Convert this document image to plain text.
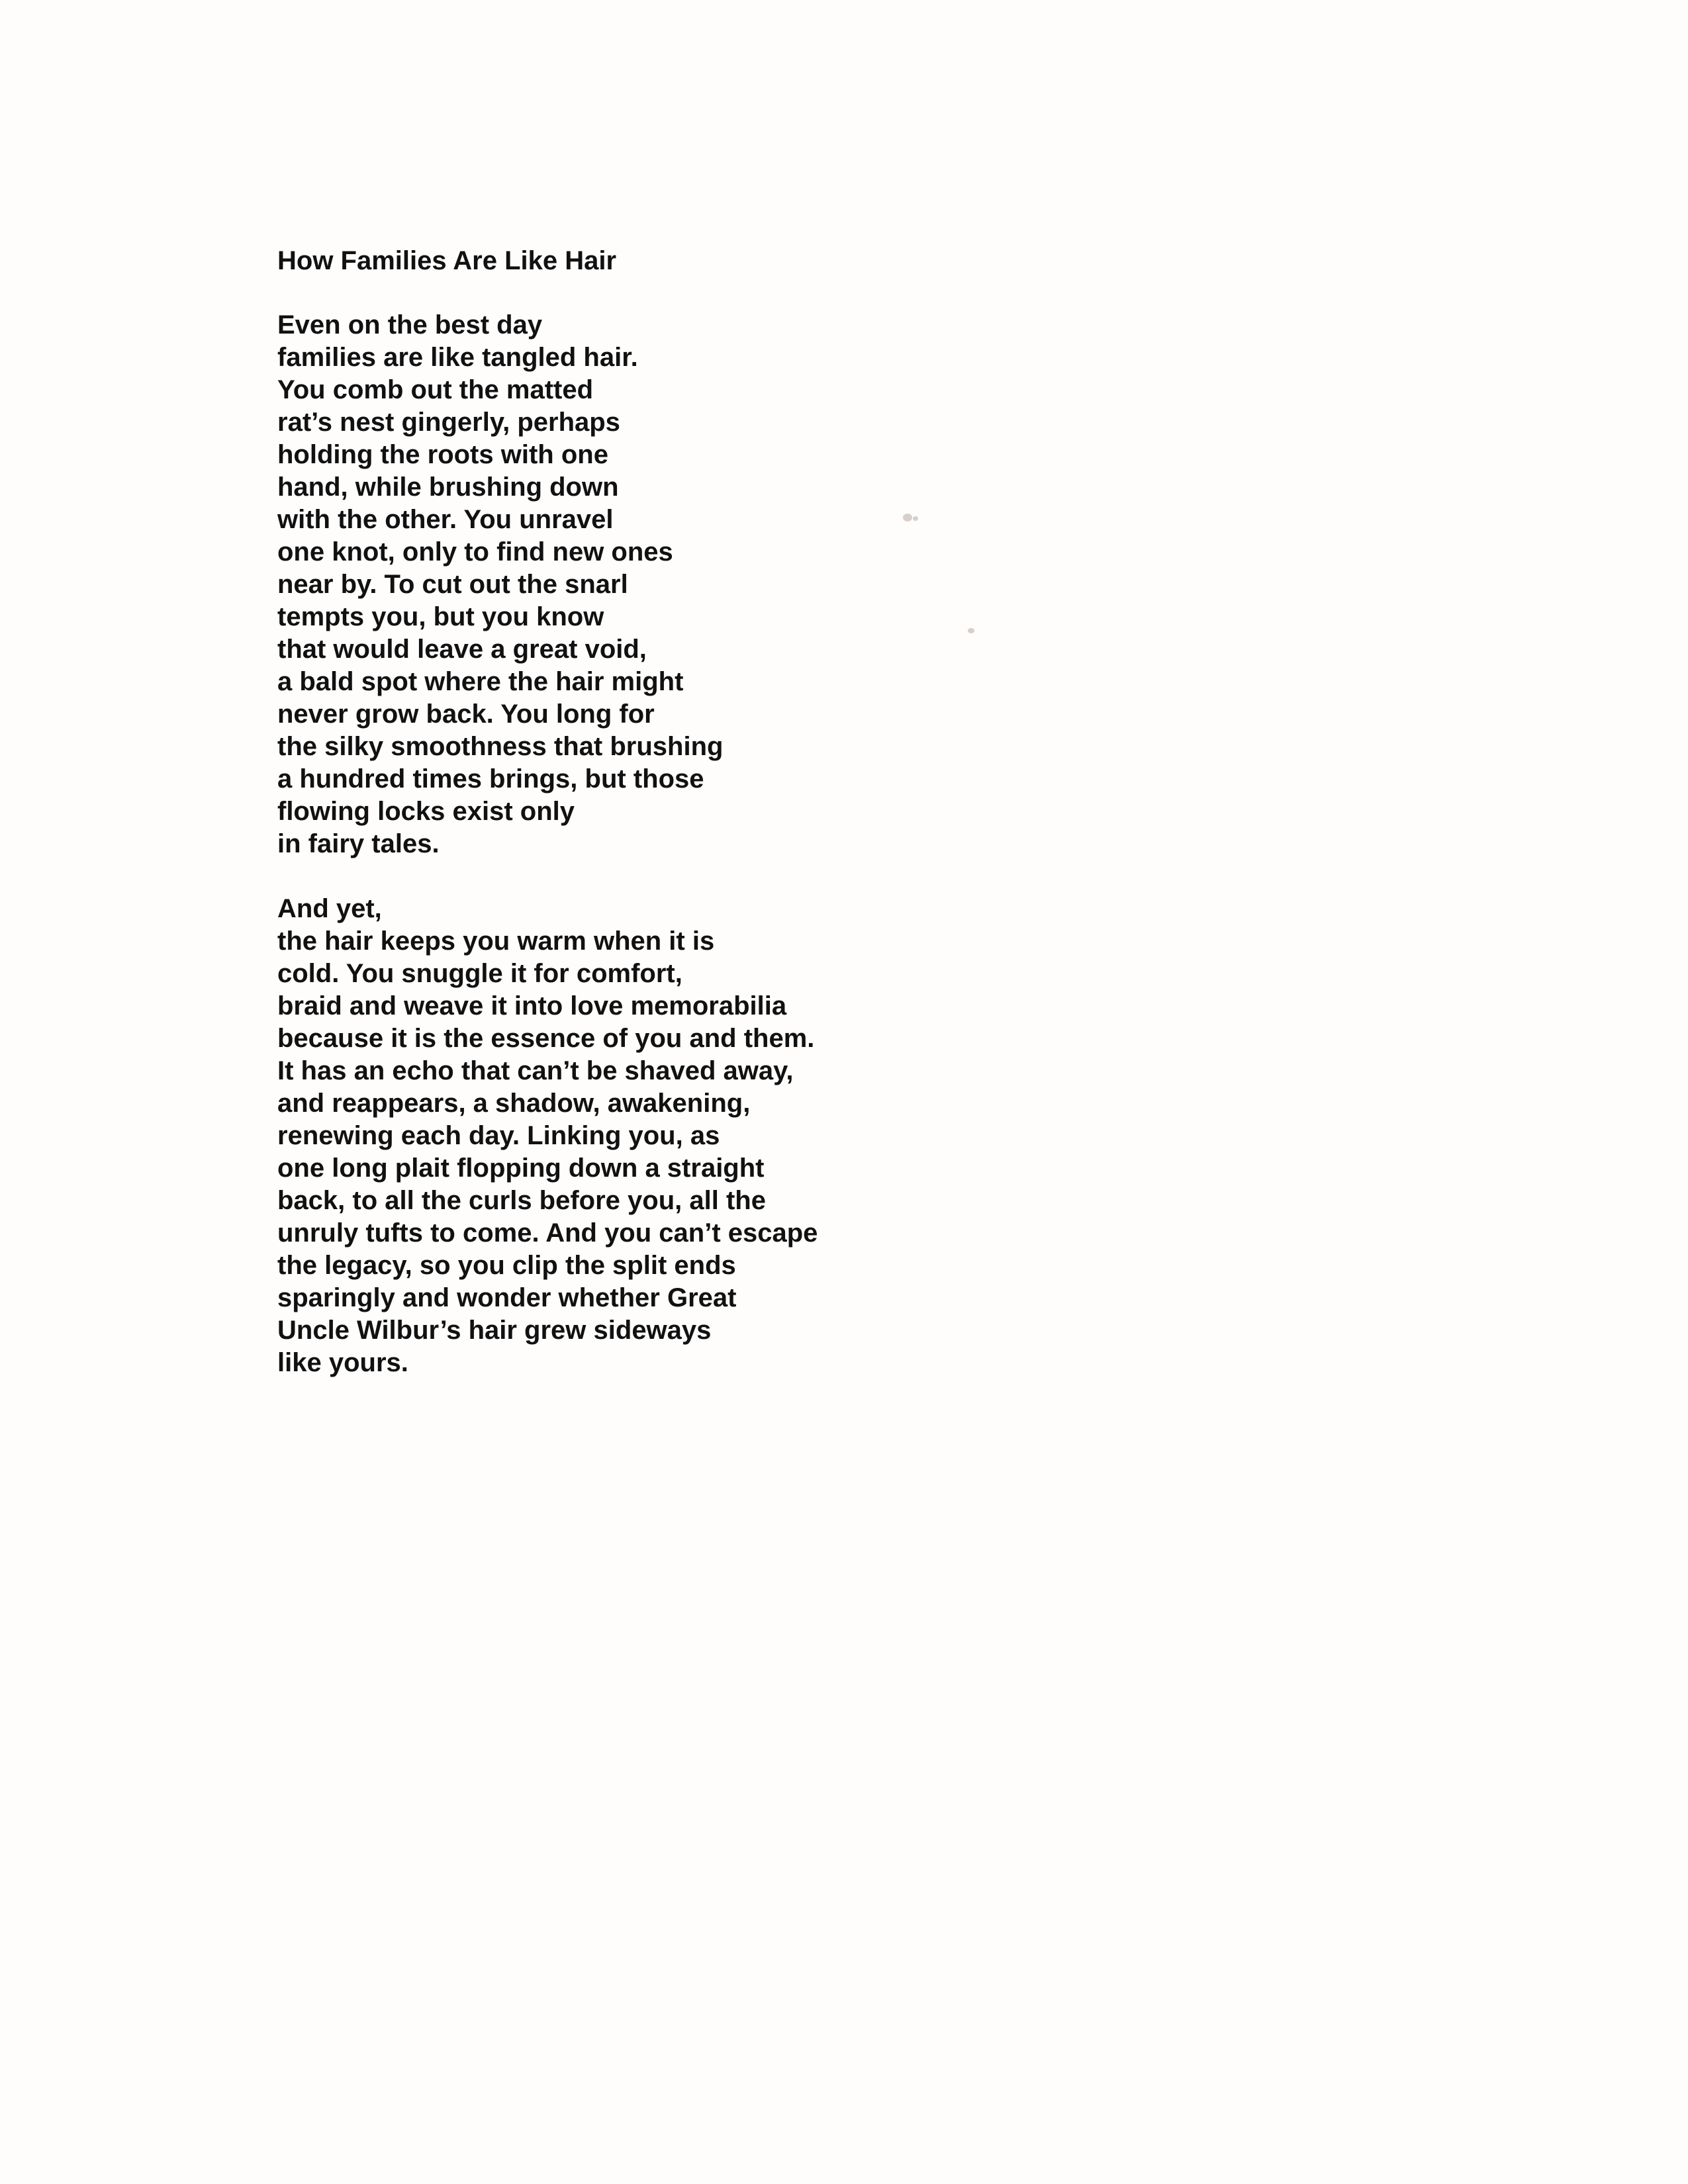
How Families Are Like Hair
Even on the best day
families are like tangled hair.
You comb out the matted
rat’s nest gingerly, perhaps
holding the roots with one
hand, while brushing down
with the other. You unravel
one knot, only to find new ones
near by. To cut out the snarl
tempts you, but you know
that would leave a great void,
a bald spot where the hair might
never grow back. You long for
the silky smoothness that brushing
a hundred times brings, but those
flowing locks exist only
in fairy tales.
And yet,
the hair keeps you warm when it is
cold. You snuggle it for comfort,
braid and weave it into love memorabilia
because it is the essence of you and them.
It has an echo that can’t be shaved away,
and reappears, a shadow, awakening,
renewing each day. Linking you, as
one long plait flopping down a straight
back, to all the curls before you, all the
unruly tufts to come. And you can’t escape
the legacy, so you clip the split ends
sparingly and wonder whether Great
Uncle Wilbur’s hair grew sideways
like yours.
